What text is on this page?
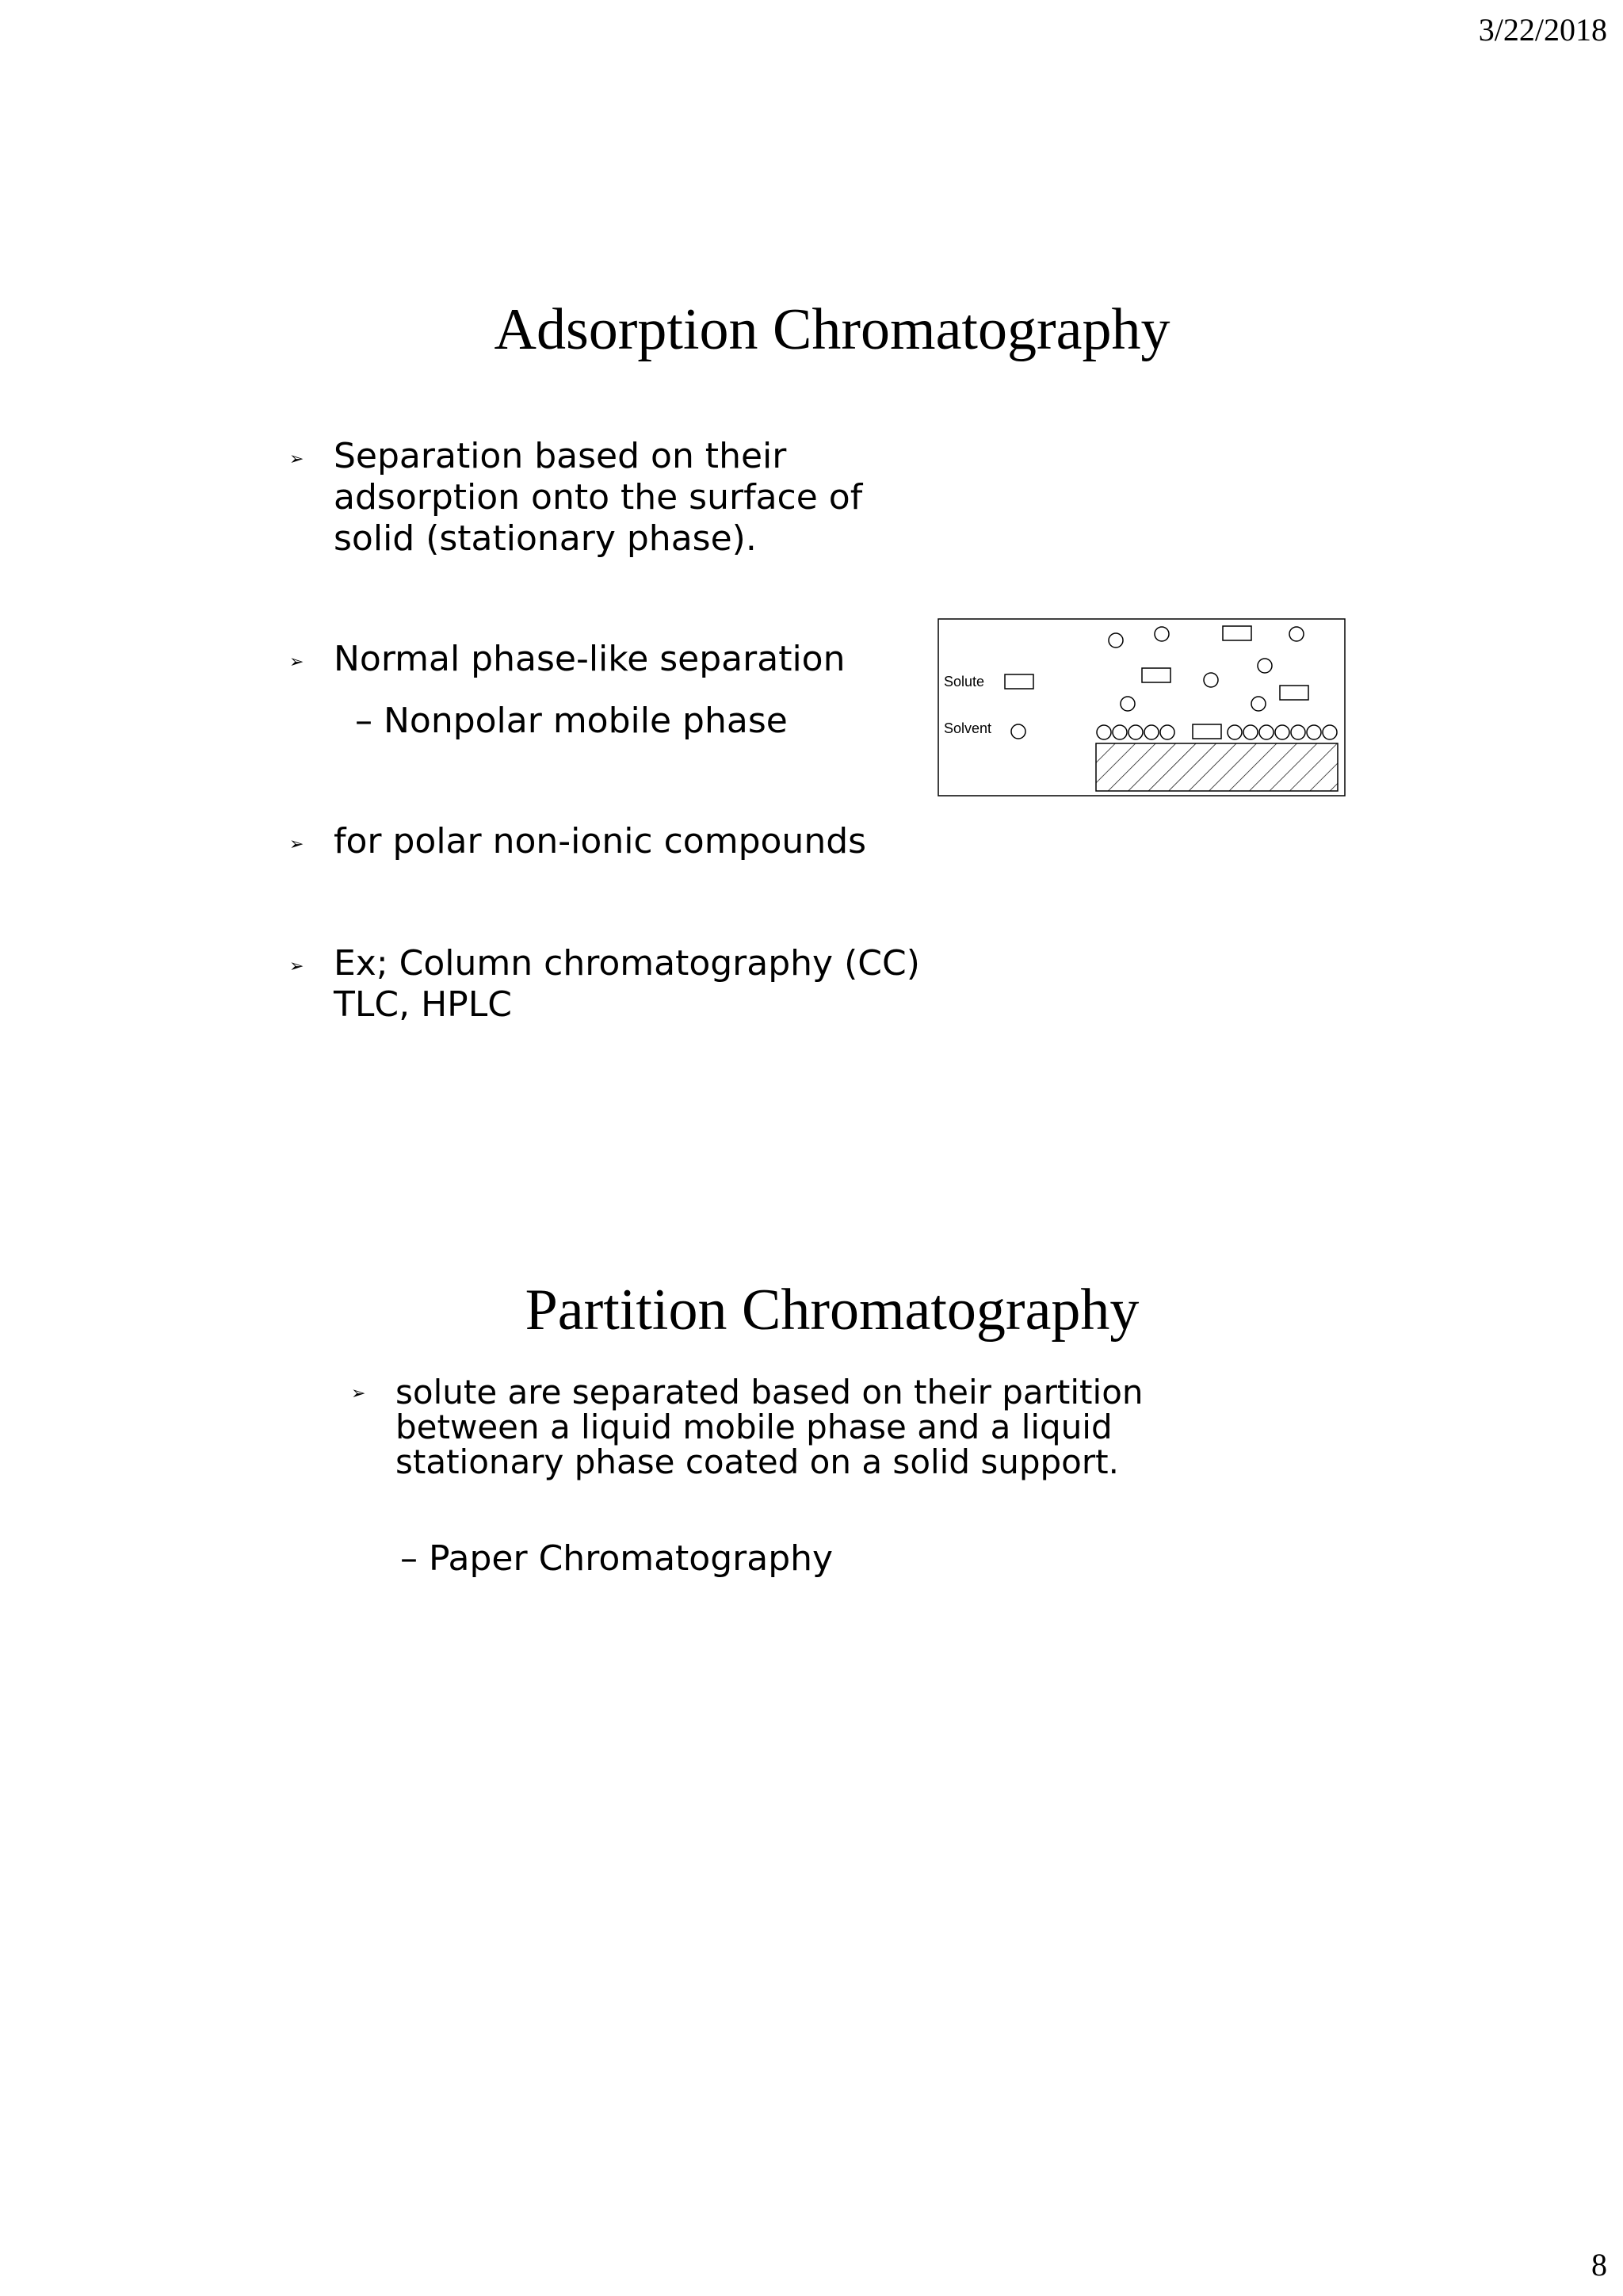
3/22/2018
Adsorption Chromatography
➢ Separation based on their
adsorption onto the surface of
solid (stationary phase).
➢ Normal phase-like separation
– Nonpolar mobile phase
➢ for polar non-ionic compounds
➢ Ex; Column chromatography (CC)
TLC, HPLC
Solute
Solvent
Partition Chromatography
➢ solute are separated based on their partition
between a liquid mobile phase and a liquid
stationary phase coated on a solid support.
– Paper Chromatography
8
